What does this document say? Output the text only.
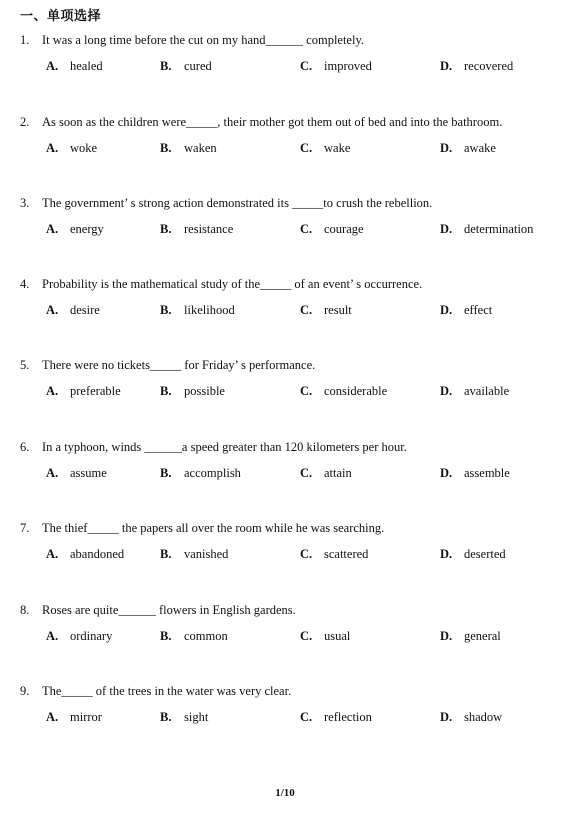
一、单项选择
1. It was a long time before the cut on my hand______ completely.
A. healed	B. cured	C. improved	D. recovered
2. As soon as the children were_____, their mother got them out of bed and into the bathroom.
A. woke	B. waken	C. wake	D. awake
3. The government’ s strong action demonstrated its _____to crush the rebellion.
A. energy	B. resistance	C. courage	D. determination
4. Probability is the mathematical study of the_____ of an event’ s occurrence.
A. desire	B. likelihood	C. result	D. effect
5. There were no tickets_____ for Friday’ s performance.
A. preferable	B. possible	C. considerable	D. available
6. In a typhoon, winds ______a speed greater than 120 kilometers per hour.
A. assume	B. accomplish	C. attain	D. assemble
7. The thief_____ the papers all over the room while he was searching.
A. abandoned	B. vanished	C. scattered	D. deserted
8. Roses are quite______ flowers in English gardens.
A. ordinary	B. common	C. usual	D. general
9. The_____ of the trees in the water was very clear.
A. mirror	B. sight	C. reflection	D. shadow
1/10
